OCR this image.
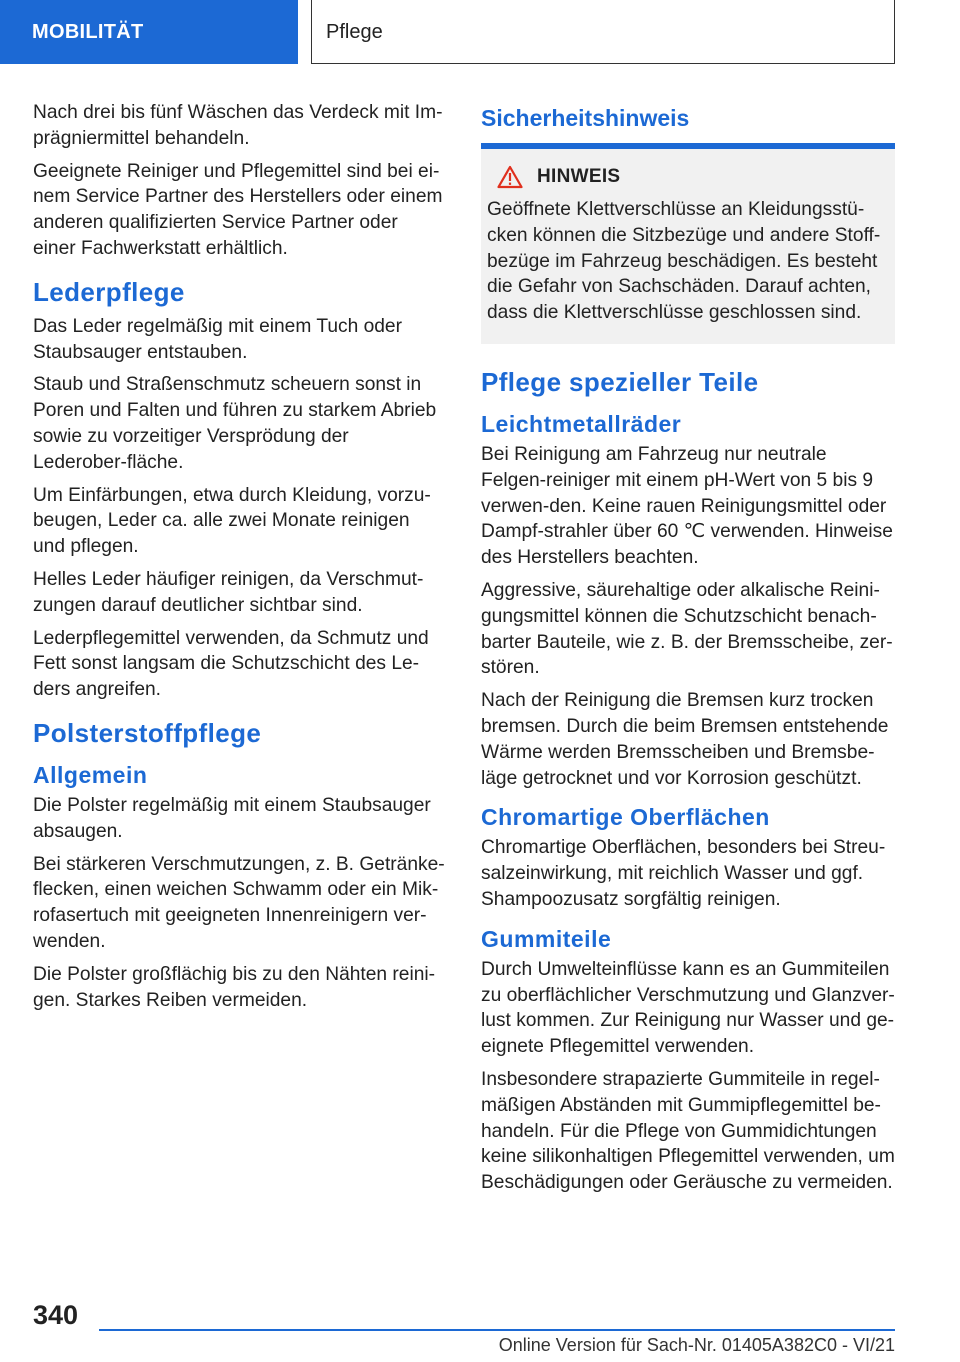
MOBILITÄT	Pflege

Nach drei bis fünf Wäschen das Verdeck mit Im-prägniermittel behandeln.

Geeignete Reiniger und Pflegemittel sind bei ei-nem Service Partner des Herstellers oder einem anderen qualifizierten Service Partner oder einer Fachwerkstatt erhältlich.

Lederpflege

Das Leder regelmäßig mit einem Tuch oder Staubsauger entstauben.

Staub und Straßenschmutz scheuern sonst in Poren und Falten und führen zu starkem Abrieb sowie zu vorzeitiger Versprödung der Lederober-fläche.

Um Einfärbungen, etwa durch Kleidung, vorzu-beugen, Leder ca. alle zwei Monate reinigen und pflegen.

Helles Leder häufiger reinigen, da Verschmut-zungen darauf deutlicher sichtbar sind.

Lederpflegemittel verwenden, da Schmutz und Fett sonst langsam die Schutzschicht des Le-ders angreifen.

Polsterstoffpflege
Allgemein

Die Polster regelmäßig mit einem Staubsauger absaugen.

Bei stärkeren Verschmutzungen, z. B. Getränke-flecken, einen weichen Schwamm oder ein Mik-rofasertuch mit geeigneten Innenreinigern ver-wenden.

Die Polster großflächig bis zu den Nähten reini-gen. Starkes Reiben vermeiden.

Sicherheitshinweis
HINWEIS

Geöffnete Klettverschlüsse an Kleidungsstü-cken können die Sitzbezüge und andere Stoff-bezüge im Fahrzeug beschädigen. Es besteht die Gefahr von Sachschäden. Darauf achten, dass die Klettverschlüsse geschlossen sind.

Pflege spezieller Teile
Leichtmetallräder

Bei Reinigung am Fahrzeug nur neutrale Felgen-reiniger mit einem pH-Wert von 5 bis 9 verwen-den. Keine rauen Reinigungsmittel oder Dampf-strahler über 60 ℃ verwenden. Hinweise des Herstellers beachten.

Aggressive, säurehaltige oder alkalische Reini-gungsmittel können die Schutzschicht benach-barter Bauteile, wie z. B. der Bremsscheibe, zer-stören.

Nach der Reinigung die Bremsen kurz trocken bremsen. Durch die beim Bremsen entstehende Wärme werden Bremsscheiben und Bremsbe-läge getrocknet und vor Korrosion geschützt.

Chromartige Oberflächen

Chromartige Oberflächen, besonders bei Streu-salzeinwirkung, mit reichlich Wasser und ggf. Shampoozusatz sorgfältig reinigen.

Gummiteile

Durch Umwelteinflüsse kann es an Gummiteilen zu oberflächlicher Verschmutzung und Glanzver-lust kommen. Zur Reinigung nur Wasser und ge-eignete Pflegemittel verwenden.

Insbesondere strapazierte Gummiteile in regel-mäßigen Abständen mit Gummipflegemittel be-handeln. Für die Pflege von Gummidichtungen keine silikonhaltigen Pflegemittel verwenden, um Beschädigungen oder Geräusche zu vermeiden.

340
Online Version für Sach-Nr. 01405A382C0 - VI/21
